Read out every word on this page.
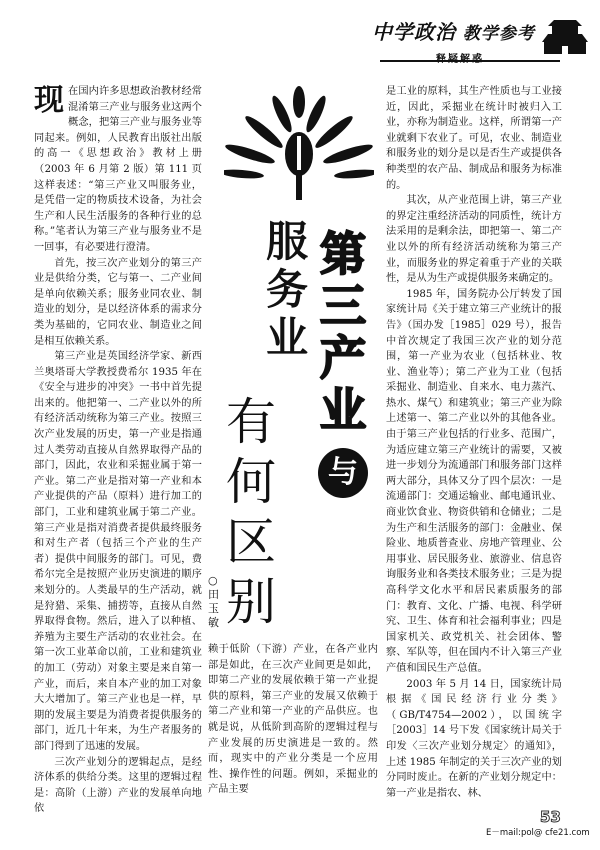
中学政治 教学参考
释疑解惑

现在国内许多思想政治教材经常混淆第三产业与服务业这两个概念，把第三产业与服务业等同起来。例如，人民教育出版社出版的高一《思想政治》教材上册（2003 年 6 月第 2 版）第 111 页这样表述：“第三产业又叫服务业，是凭借一定的物质技术设备，为社会生产和人民生活服务的各种行业的总称。”笔者认为第三产业与服务业不是一回事，有必要进行澄清。

首先，按三次产业划分的第三产业是供给分类，它与第一、二产业间是单向依赖关系；服务业同农业、制造业的划分，是以经济体系的需求分类为基础的，它同农业、制造业之间是相互依赖关系。

第三产业是英国经济学家、新西兰奥塔哥大学教授费希尔 1935 年在《安全与进步的冲突》一书中首先提出来的。他把第一、二产业以外的所有经济活动统称为第三产业。按照三次产业发展的历史，第一产业是指通过人类劳动直接从自然界取得产品的部门，因此，农业和采掘业属于第一产业。第二产业是指对第一产业和本产业提供的产品（原料）进行加工的部门，工业和建筑业属于第二产业。第三产业是指对消费者提供最终服务和对生产者（包括三个产业的生产者）提供中间服务的部门。可见，费希尔完全是按照产业历史演进的顺序来划分的。人类最早的生产活动，就是狩猎、采集、捕捞等，直接从自然界取得食物。然后，进入了以种植、养殖为主要生产活动的农业社会。在第一次工业革命以前，工业和建筑业的加工（劳动）对象主要是来自第一产业，而后，来自本产业的加工对象大大增加了。第三产业也是一样，早期的发展主要是为消费者提供服务的部门，近几十年来，为生产者服务的部门得到了迅速的发展。

三次产业划分的逻辑起点，是经济体系的供给分类。这里的逻辑过程是：高阶（上游）产业的发展单向地依

服务业
第三产业
与
有何区别
○田玉敏

赖于低阶（下游）产业，在各产业内部是如此，在三次产业间更是如此，即第二产业的发展依赖于第一产业提供的原料，第三产业的发展又依赖于第二产业和第一产业的产品供应。也就是说，从低阶到高阶的逻辑过程与产业发展的历史演进是一致的。然而，现实中的产业分类是一个应用性、操作性的问题。例如，采掘业的产品主要

是工业的原料，其生产性质也与工业接近，因此，采掘业在统计时被归入工业，亦称为制造业。这样，所谓第一产业就剩下农业了。可见，农业、制造业和服务业的划分是以是否生产或提供各种类型的农产品、制成品和服务为标准的。

其次，从产业范围上讲，第三产业的界定注重经济活动的同质性，统计方法采用的是剩余法，即把第一、第二产业以外的所有经济活动统称为第三产业，而服务业的界定着重于产业的关联性，是从为生产或提供服务来确定的。

1985 年，国务院办公厅转发了国家统计局《关于建立第三产业统计的报告》（国办发［1985］029 号），报告中首次规定了我国三次产业的划分范围，第一产业为农业（包括林业、牧业、渔业等）；第二产业为工业（包括采掘业、制造业、自来水、电力蒸汽、热水、煤气）和建筑业；第三产业为除上述第一、第二产业以外的其他各业。由于第三产业包括的行业多、范围广，为适应建立第三产业统计的需要，又被进一步划分为流通部门和服务部门这样两大部分，具体又分了四个层次：一是流通部门：交通运输业、邮电通讯业、商业饮食业、物资供销和仓储业；二是为生产和生活服务的部门：金融业、保险业、地质普查业、房地产管理业、公用事业、居民服务业、旅游业、信息咨询服务业和各类技术服务业；三是为提高科学文化水平和居民素质服务的部门：教育、文化、广播、电视、科学研究、卫生、体育和社会福利事业；四是国家机关、政党机关、社会团体、警察、军队等，但在国内不计入第三产业产值和国民生产总值。

2003 年 5 月 14 日，国家统计局根据《国民经济行业分类》（GB/T4754—2002），以国统字［2003］14 号下发《国家统计局关于印发〈三次产业划分规定〉的通知》，上述 1985 年制定的关于三次产业的划分同时废止。在新的产业划分规定中：第一产业是指农、林、

53
E－mail:pol@ cfe21.com
